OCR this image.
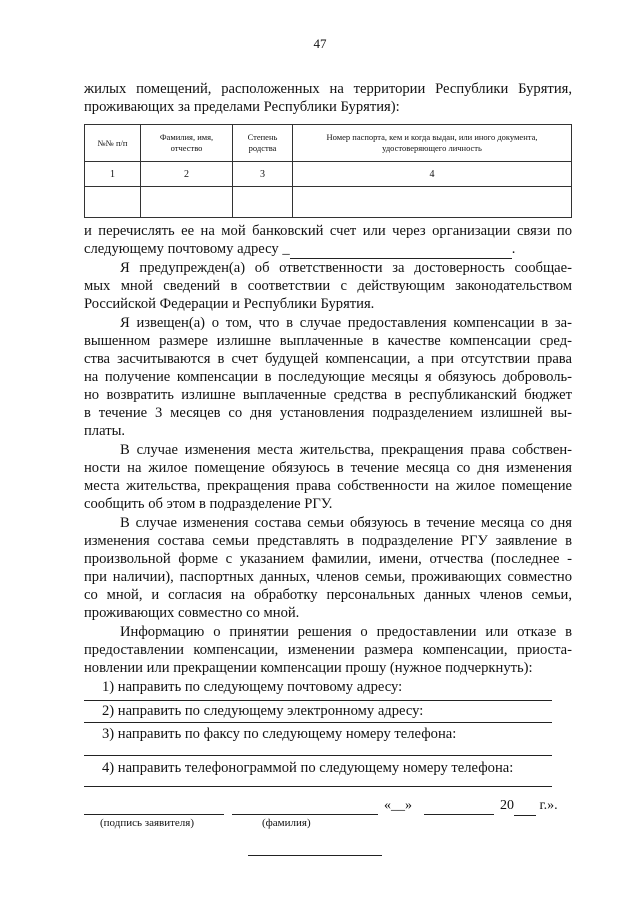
47
жилых помещений, расположенных на территории Республики Бурятия,
проживающих за пределами Республики Бурятия):
№№ п/п	Фамилия, имя, отчество	Степень родства	Номер паспорта, кем и когда выдан, или иного документа, удостоверяющего личность
1	2	3	4

и перечислять ее на мой банковский счет или через организации связи по
следующему почтовому адресу _	.
Я предупрежден(а) об ответственности за достоверность сообщае-
мых мной сведений в соответствии с действующим законодательством
Российской Федерации и Республики Бурятия.
Я извещен(а) о том, что в случае предоставления компенсации в за-
вышенном размере излишне выплаченные в качестве компенсации сред-
ства засчитываются в счет будущей компенсации, а при отсутствии права
на получение компенсации в последующие месяцы я обязуюсь доброволь-
но возвратить излишне выплаченные средства в республиканский бюджет
в течение 3 месяцев со дня установления подразделением излишней вы-
платы.
В случае изменения места жительства, прекращения права собствен-
ности на жилое помещение обязуюсь в течение месяца со дня изменения
места жительства, прекращения права собственности на жилое помещение
сообщить об этом в подразделение РГУ.
В случае изменения состава семьи обязуюсь в течение месяца со дня
изменения состава семьи представлять в подразделение РГУ заявление в
произвольной форме с указанием фамилии, имени, отчества (последнее -
при наличии), паспортных данных, членов семьи, проживающих совместно
со мной, и согласия на обработку персональных данных членов семьи,
проживающих совместно со мной.
Информацию о принятии решения о предоставлении или отказе в
предоставлении компенсации, изменении размера компенсации, приоста-
новлении или прекращении компенсации прошу (нужное подчеркнуть):
1) направить по следующему почтовому адресу:
2) направить по следующему электронному адресу:
3) направить по факсу по следующему номеру телефона:
4) направить телефонограммой по следующему номеру телефона:
«__»	20 г.».
(подпись заявителя)	(фамилия)
